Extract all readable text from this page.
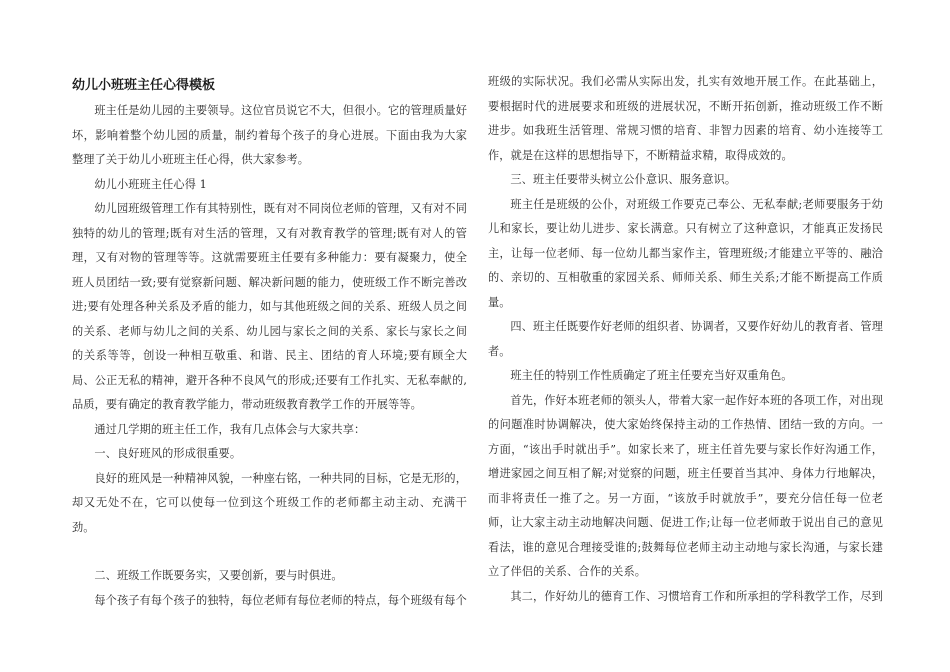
幼儿小班班主任心得模板

班主任是幼儿园的主要领导。这位官员说它不大，但很小。它的管理质量好坏，影响着整个幼儿园的质量，制约着每个孩子的身心进展。下面由我为大家整理了关于幼儿小班班主任心得，供大家参考。

幼儿小班班主任心得 1

幼儿园班级管理工作有其特别性，既有对不同岗位老师的管理，又有对不同独特的幼儿的管理;既有对生活的管理，又有对教育教学的管理;既有对人的管理，又有对物的管理等等。这就需要班主任要有多种能力：要有凝聚力，使全班人员团结一致;要有觉察新问题、解决新问题的能力，使班级工作不断完善改进;要有处理各种关系及矛盾的能力，如与其他班级之间的关系、班级人员之间的关系、老师与幼儿之间的关系、幼儿园与家长之间的关系、家长与家长之间的关系等等，创设一种相互敬重、和谐、民主、团结的育人环境;要有顾全大局、公正无私的精神，避开各种不良风气的形成;还要有工作扎实、无私奉献的,品质，要有确定的教育教学能力，带动班级教育教学工作的开展等等。

通过几学期的班主任工作，我有几点体会与大家共享：

一、良好班风的形成很重要。

良好的班风是一种精神风貌，一种座右铭，一种共同的目标，它是无形的，却又无处不在，它可以使每一位到这个班级工作的老师都主动主动、充满干劲。

二、班级工作既要务实，又要创新，要与时俱进。

每个孩子有每个孩子的独特，每位老师有每位老师的特点，每个班级有每个

班级的实际状况。我们必需从实际出发，扎实有效地开展工作。在此基础上，要根据时代的进展要求和班级的进展状况，不断开拓创新，推动班级工作不断进步。如我班生活管理、常规习惯的培育、非智力因素的培育、幼小连接等工作，就是在这样的思想指导下，不断精益求精，取得成效的。

三、班主任要带头树立公仆意识、服务意识。

班主任是班级的公仆，对班级工作要克己奉公、无私奉献;老师要服务于幼儿和家长，要让幼儿进步、家长满意。只有树立了这种意识，才能真正发扬民主，让每一位老师、每一位幼儿都当家作主，管理班级;才能建立平等的、融洽的、亲切的、互相敬重的家园关系、师师关系、师生关系;才能不断提高工作质量。

四、班主任既要作好老师的组织者、协调者，又要作好幼儿的教育者、管理者。

班主任的特别工作性质确定了班主任要充当好双重角色。

首先，作好本班老师的领头人，带着大家一起作好本班的各项工作，对出现的问题准时协调解决，使大家始终保持主动的工作热情、团结一致的方向。一方面，“该出手时就出手”。如家长来了，班主任首先要与家长作好沟通工作，增进家园之间互相了解;对觉察的问题，班主任要首当其冲、身体力行地解决，而非将责任一推了之。另一方面，“该放手时就放手”，要充分信任每一位老师，让大家主动主动地解决问题、促进工作;让每一位老师敢于说出自己的意见看法，谁的意见合理接受谁的;鼓舞每位老师主动主动地与家长沟通，与家长建立了伴侣的关系、合作的关系。

其二，作好幼儿的德育工作、习惯培育工作和所承担的学科教学工作，尽到
